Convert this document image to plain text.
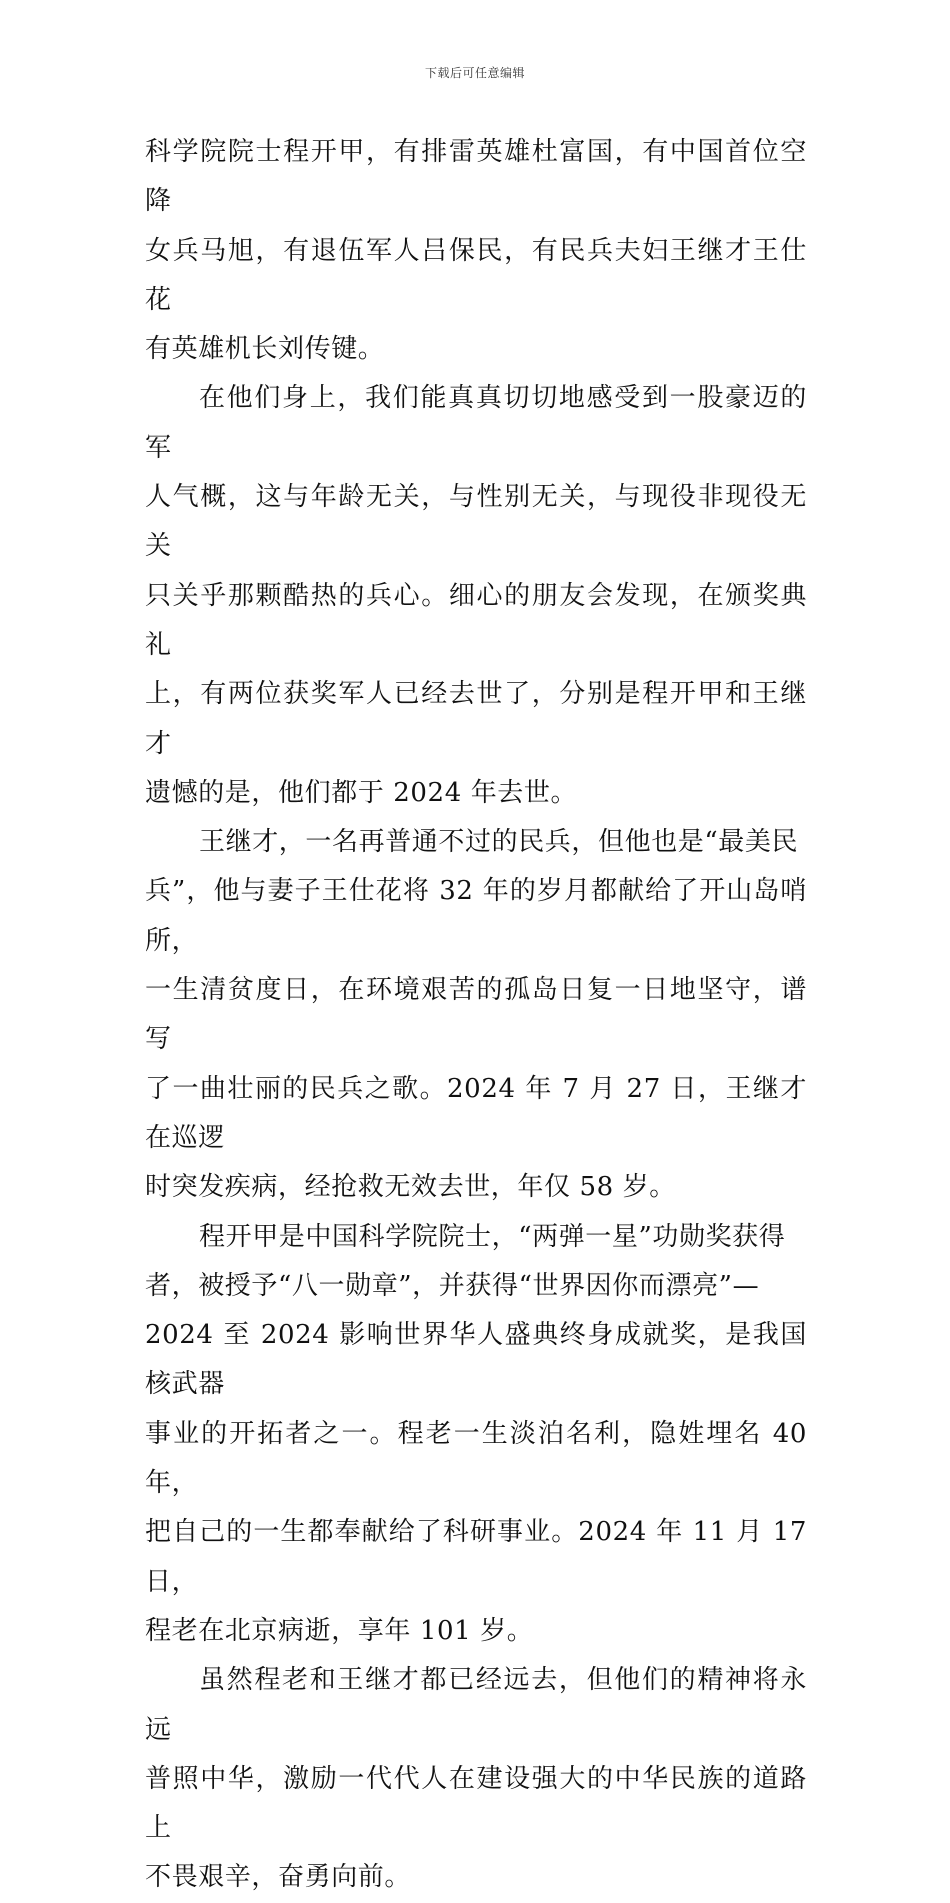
下载后可任意编辑

科学院院士程开甲，有排雷英雄杜富国，有中国首位空降
女兵马旭，有退伍军人吕保民，有民兵夫妇王继才王仕花
有英雄机长刘传键。

在他们身上，我们能真真切切地感受到一股豪迈的军
人气概，这与年龄无关，与性别无关，与现役非现役无关
只关乎那颗酷热的兵心。细心的朋友会发现，在颁奖典礼
上，有两位获奖军人已经去世了，分别是程开甲和王继才
遗憾的是，他们都于 2024 年去世。

王继才，一名再普通不过的民兵，但他也是“最美民
兵”，他与妻子王仕花将 32 年的岁月都献给了开山岛哨所，
一生清贫度日，在环境艰苦的孤岛日复一日地坚守，谱写
了一曲壮丽的民兵之歌。2024 年 7 月 27 日，王继才在巡逻
时突发疾病，经抢救无效去世，年仅 58 岁。

程开甲是中国科学院院士，“两弹一星”功勋奖获得
者，被授予“八一勋章”，并获得“世界因你而漂亮”—
2024 至 2024 影响世界华人盛典终身成就奖，是我国核武器
事业的开拓者之一。程老一生淡泊名利，隐姓埋名 40 年，
把自己的一生都奉献给了科研事业。2024 年 11 月 17 日，
程老在北京病逝，享年 101 岁。

虽然程老和王继才都已经远去，但他们的精神将永远
普照中华，激励一代代人在建设强大的中华民族的道路上
不畏艰辛，奋勇向前。
